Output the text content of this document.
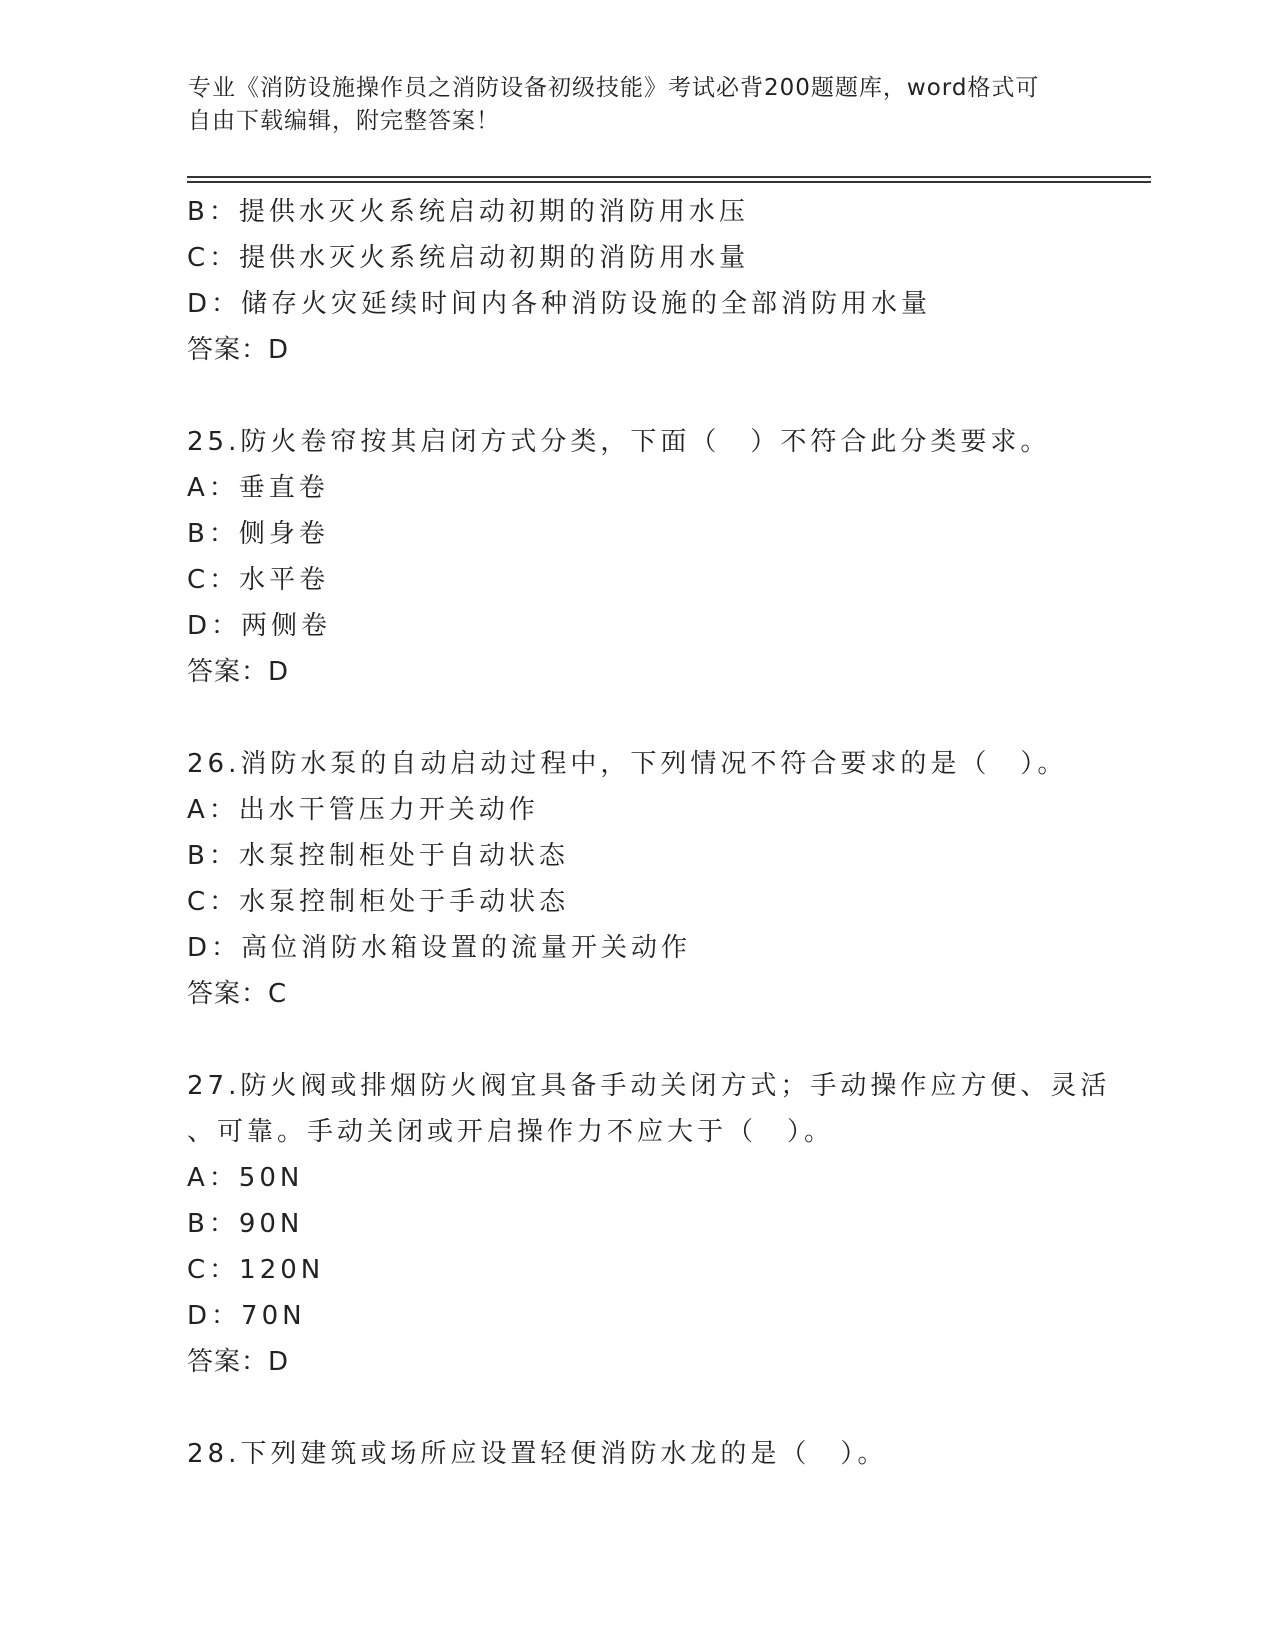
专业《消防设施操作员之消防设备初级技能》考试必背200题题库，word格式可
自由下载编辑，附完整答案！
B：提供水灭火系统启动初期的消防用水压
C：提供水灭火系统启动初期的消防用水量
D：储存火灾延续时间内各种消防设施的全部消防用水量
答案：D
25.防火卷帘按其启闭方式分类，下面（　）不符合此分类要求。
A：垂直卷
B：侧身卷
C：水平卷
D：两侧卷
答案：D
26.消防水泵的自动启动过程中，下列情况不符合要求的是（　）。
A：出水干管压力开关动作
B：水泵控制柜处于自动状态
C：水泵控制柜处于手动状态
D：高位消防水箱设置的流量开关动作
答案：C
27.防火阀或排烟防火阀宜具备手动关闭方式；手动操作应方便、灵活
、可靠。手动关闭或开启操作力不应大于（　）。
A：50N
B：90N
C：120N
D：70N
答案：D
28.下列建筑或场所应设置轻便消防水龙的是（　）。
